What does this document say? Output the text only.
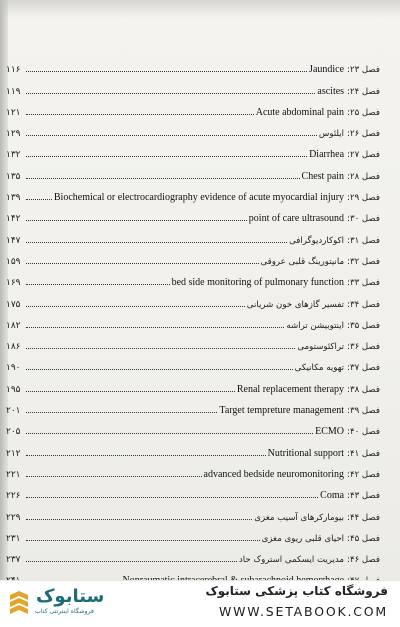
۱۱۶	Jaundice فصل ۲۳:
۱۱۹	ascites فصل ۲۴:
۱۲۱	Acute abdominal pain فصل ۲۵:
۱۲۹	ایلئوس فصل ۲۶:
۱۳۲	Diarrhea فصل ۲۷:
۱۳۵	Chest pain فصل ۲۸:
۱۳۹	Biochemical or electrocardiography evidence of acute myocardial injury فصل ۲۹:
۱۴۲	point of care ultrasound فصل ۳۰:
۱۴۷	اکوکاردیوگرافی فصل ۳۱:
۱۵۹	مانیتورینگ قلبی عروقی فصل ۳۲:
۱۶۹	bed side monitoring of pulmonary function فصل ۳۳:
۱۷۵	تفسیر گازهای خون شریانی فصل ۳۴:
۱۸۲	اینتوبیشن تراشه فصل ۳۵:
۱۸۶	تراکئوستومی فصل ۳۶:
۱۹۰	تهویه مکانیکی فصل ۳۷:
۱۹۵	Renal replacement therapy فصل ۳۸:
۲۰۱	Target tempreture management فصل ۳۹:
۲۰۵	ECMO فصل ۴۰:
۲۱۲	Nutritional support فصل ۴۱:
۲۲۱	advanced bedside neuromonitoring فصل ۴۲:
۲۲۶	Coma فصل ۴۳:
۲۲۹	بیومارکرهای آسیب مغزی فصل ۴۴:
۲۳۱	احیای قلبی ریوی مغزی فصل ۴۵:
۲۳۷	مدیریت ایسکمی استروک حاد فصل ۴۶:
ستابوک
فروشگاه اینترنتی کتاب
فروشگاه کتاب پزشکی ستابوک
WWW.SETABOOK.COM
